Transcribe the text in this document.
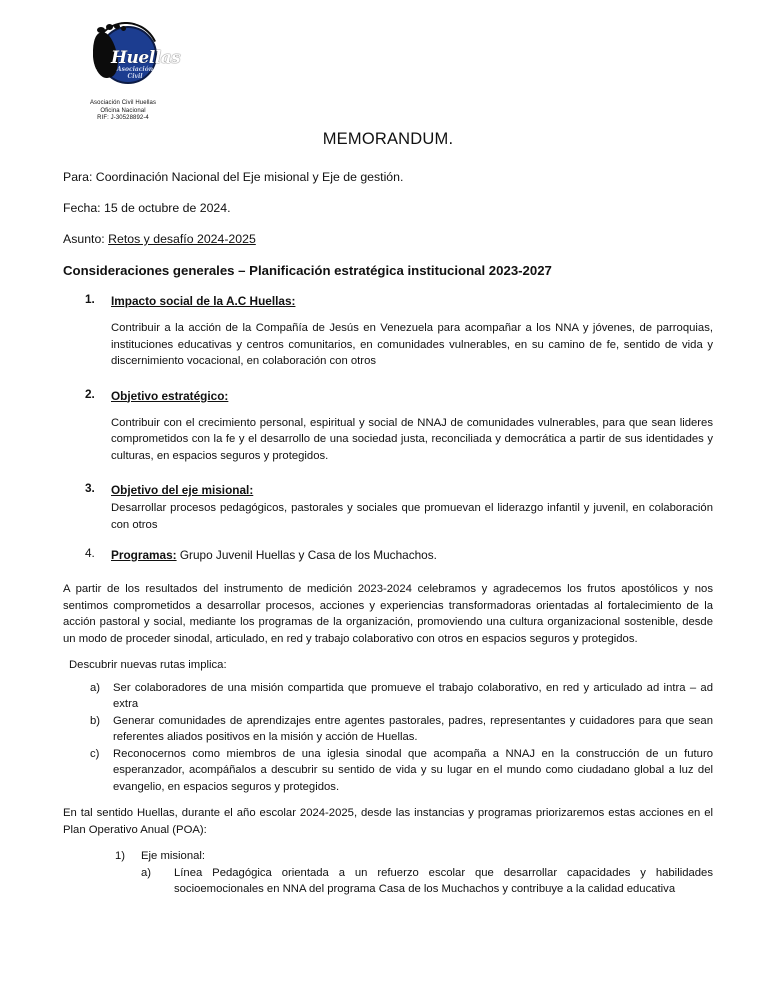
Huellas
Asociación Civil
Asociación Civil Huellas
Oficina Nacional
RIF: J-30528892-4
MEMORANDUM.
Para: Coordinación Nacional del Eje misional y Eje de gestión.
Fecha: 15 de octubre de 2024.
Asunto: Retos y desafío 2024-2025
Consideraciones generales – Planificación estratégica institucional 2023-2027
1. Impacto social de la A.C Huellas:
Contribuir a la acción de la Compañía de Jesús en Venezuela para acompañar a los NNA y jóvenes, de parroquias, instituciones educativas y centros comunitarios, en comunidades vulnerables, en su camino de fe, sentido de vida y discernimiento vocacional, en colaboración con otros
2. Objetivo estratégico:
Contribuir con el crecimiento personal, espiritual y social de NNAJ de comunidades vulnerables, para que sean lideres comprometidos con la fe y el desarrollo de una sociedad justa, reconciliada y democrática a partir de sus identidades y culturas, en espacios seguros y protegidos.
3. Objetivo del eje misional:
Desarrollar procesos pedagógicos, pastorales y sociales que promuevan el liderazgo infantil y juvenil, en colaboración con otros
4. Programas: Grupo Juvenil Huellas y Casa de los Muchachos.
A partir de los resultados del instrumento de medición 2023-2024 celebramos y agradecemos los frutos apostólicos y nos sentimos comprometidos a desarrollar procesos, acciones y experiencias transformadoras orientadas al fortalecimiento de la acción pastoral y social, mediante los programas de la organización, promoviendo una cultura organizacional sostenible, desde un modo de proceder sinodal, articulado, en red y trabajo colaborativo con otros en espacios seguros y protegidos.
Descubrir nuevas rutas implica:
a) Ser colaboradores de una misión compartida que promueve el trabajo colaborativo, en red y articulado ad intra – ad extra
b) Generar comunidades de aprendizajes entre agentes pastorales, padres, representantes y cuidadores para que sean referentes aliados positivos en la misión y acción de Huellas.
c) Reconocernos como miembros de una iglesia sinodal que acompaña a NNAJ en la construcción de un futuro esperanzador, acompáñalos a descubrir su sentido de vida y su lugar en el mundo como ciudadano global a luz del evangelio, en espacios seguros y protegidos.
En tal sentido Huellas, durante el año escolar 2024-2025, desde las instancias y programas priorizaremos estas acciones en el Plan Operativo Anual (POA):
1) Eje misional:
a) Línea Pedagógica orientada a un refuerzo escolar que desarrollar capacidades y habilidades socioemocionales en NNA del programa Casa de los Muchachos y contribuye a la calidad educativa
